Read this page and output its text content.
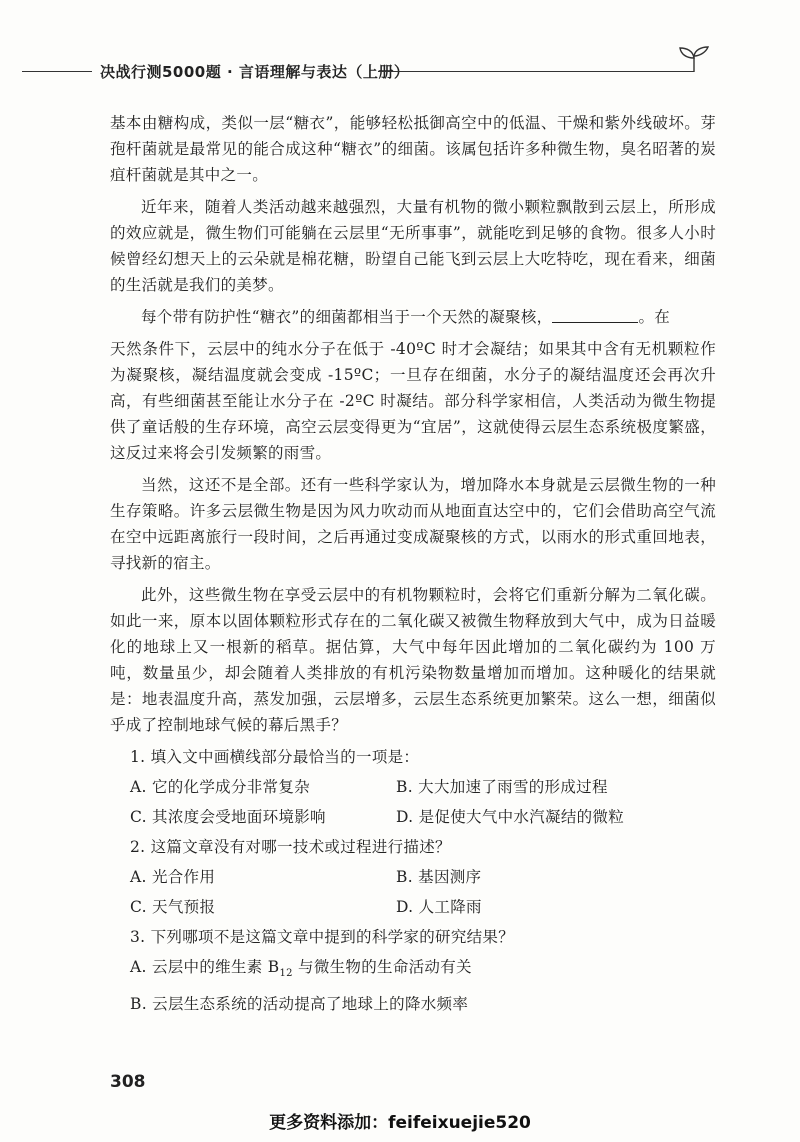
决战行测5000题 · 言语理解与表达（上册）

基本由糖构成，类似一层“糖衣”，能够轻松抵御高空中的低温、干燥和紫外线破坏。芽孢杆菌就是最常见的能合成这种“糖衣”的细菌。该属包括许多种微生物，臭名昭著的炭疽杆菌就是其中之一。

近年来，随着人类活动越来越强烈，大量有机物的微小颗粒飘散到云层上，所形成的效应就是，微生物们可能躺在云层里“无所事事”，就能吃到足够的食物。很多人小时候曾经幻想天上的云朵就是棉花糖，盼望自己能飞到云层上大吃特吃，现在看来，细菌的生活就是我们的美梦。

每个带有防护性“糖衣”的细菌都相当于一个天然的凝聚核，	。在

天然条件下，云层中的纯水分子在低于 -40ºC 时才会凝结；如果其中含有无机颗粒作为凝聚核，凝结温度就会变成 -15ºC；一旦存在细菌，水分子的凝结温度还会再次升高，有些细菌甚至能让水分子在 -2ºC 时凝结。部分科学家相信，人类活动为微生物提供了童话般的生存环境，高空云层变得更为“宜居”，这就使得云层生态系统极度繁盛，这反过来将会引发频繁的雨雪。

当然，这还不是全部。还有一些科学家认为，增加降水本身就是云层微生物的一种生存策略。许多云层微生物是因为风力吹动而从地面直达空中的，它们会借助高空气流在空中远距离旅行一段时间，之后再通过变成凝聚核的方式，以雨水的形式重回地表，寻找新的宿主。

此外，这些微生物在享受云层中的有机物颗粒时，会将它们重新分解为二氧化碳。如此一来，原本以固体颗粒形式存在的二氧化碳又被微生物释放到大气中，成为日益暖化的地球上又一根新的稻草。据估算，大气中每年因此增加的二氧化碳约为 100 万吨，数量虽少，却会随着人类排放的有机污染物数量增加而增加。这种暖化的结果就是：地表温度升高，蒸发加强，云层增多，云层生态系统更加繁荣。这么一想，细菌似乎成了控制地球气候的幕后黑手？

1. 填入文中画横线部分最恰当的一项是：
A. 它的化学成分非常复杂	B. 大大加速了雨雪的形成过程
C. 其浓度会受地面环境影响	D. 是促使大气中水汽凝结的微粒
2. 这篇文章没有对哪一技术或过程进行描述？
A. 光合作用	B. 基因测序
C. 天气预报	D. 人工降雨
3. 下列哪项不是这篇文章中提到的科学家的研究结果？
A. 云层中的维生素 $B_{12}$ 与微生物的生命活动有关
B. 云层生态系统的活动提高了地球上的降水频率
308
更多资料添加：feifeixuejie520
